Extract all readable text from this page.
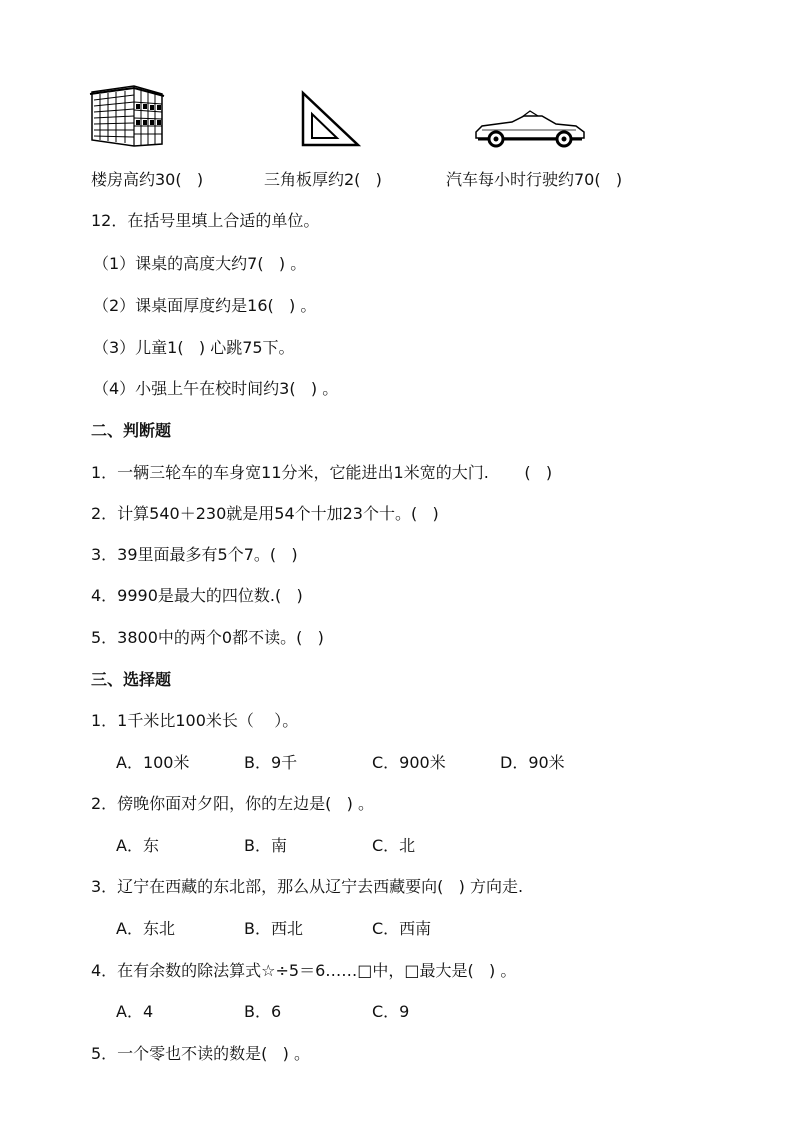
楼房高约30(   )	三角板厚约2(   )	汽车每小时行驶约70(   )
12．在括号里填上合适的单位。
（1）课桌的高度大约7(   ) 。
（2）课桌面厚度约是16(   ) 。
（3）儿童1(   ) 心跳75下。
（4）小强上午在校时间约3(   ) 。
二、判断题
1．一辆三轮车的车身宽11分米，它能进出1米宽的大门.       (   )
2．计算540＋230就是用54个十加23个十。(   )
3．39里面最多有5个7。(   )
4．9990是最大的四位数.(   )
5．3800中的两个0都不读。(   )
三、选择题
1．1千米比100米长（    ）。
A．100米	B．9千	C．900米	D．90米
2．傍晚你面对夕阳，你的左边是(   ) 。
A．东	B．南	C．北
3．辽宁在西藏的东北部，那么从辽宁去西藏要向(   ) 方向走.
A．东北	B．西北	C．西南
4．在有余数的除法算式☆÷5＝6……□中，□最大是(   ) 。
A．4	B．6	C．9
5．一个零也不读的数是(   ) 。
